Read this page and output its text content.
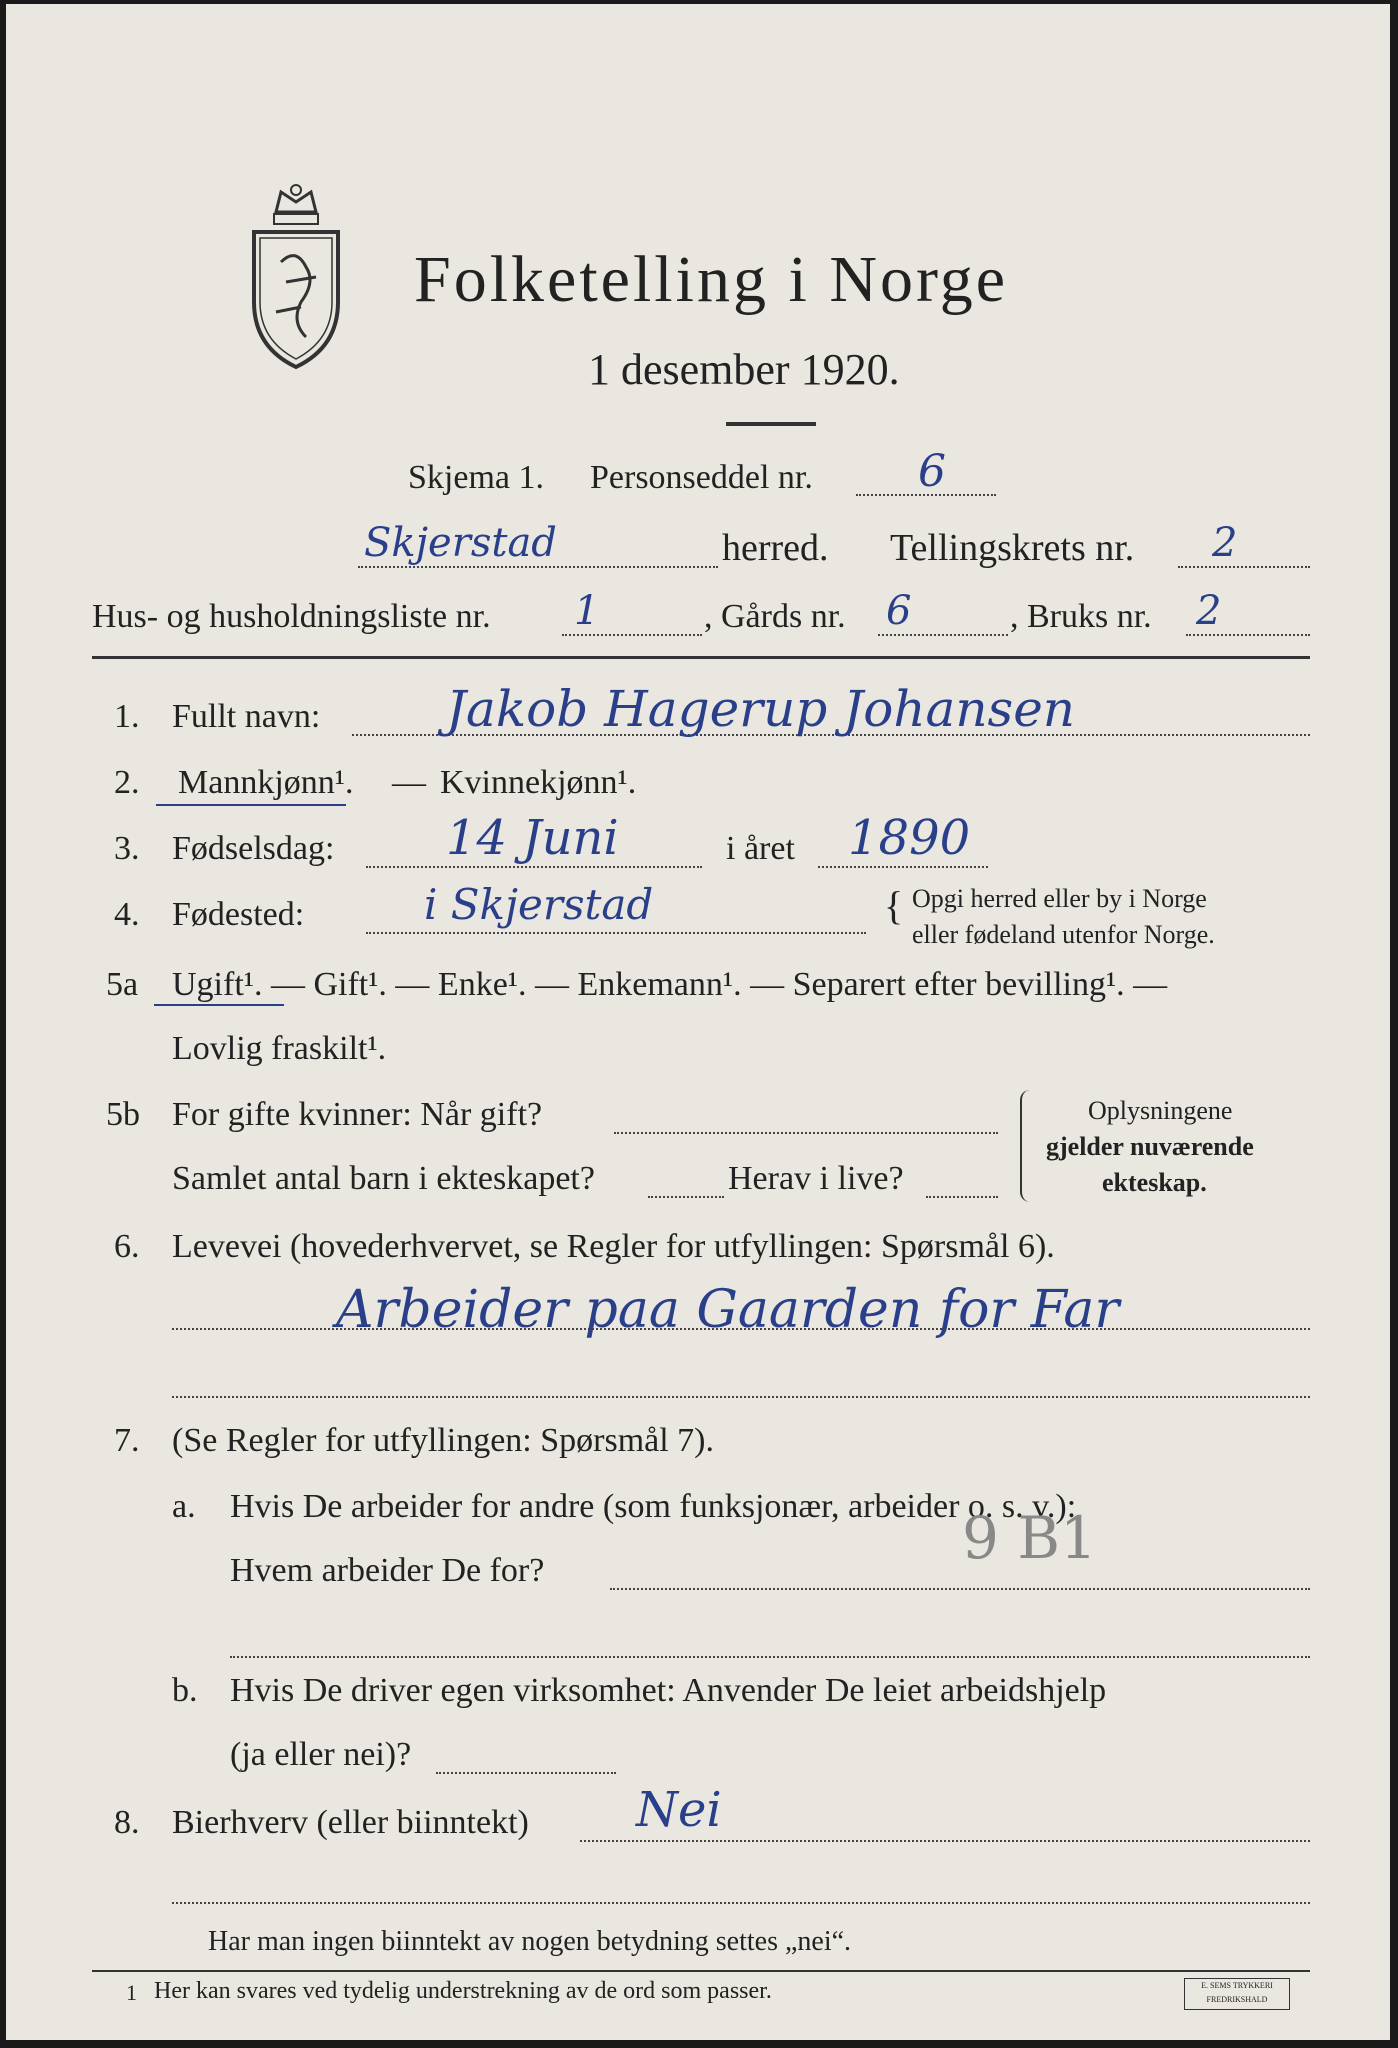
Folketelling i Norge
1 desember 1920.
Skjema 1. Personseddel nr. 6
Skjerstad	herred. Tellingskrets nr. 2
Hus- og husholdningsliste nr. 1	, Gårds nr. 6	, Bruks nr. 2
1. Fullt navn:	Jakob Hagerup Johansen
2. Mannkjønn¹. — Kvinnekjønn¹.
3. Fødselsdag: 14 Juni	i året 1890
4. Fødested:	i Skjerstad	{ Opgi herred eller by i Norge
eller fødeland utenfor Norge.
5a Ugift¹. — Gift¹. — Enke¹. — Enkemann¹. — Separert efter bevilling¹. —
Lovlig fraskilt¹.
5b For gifte kvinner: Når gift?
Samlet antal barn i ekteskapet?	Herav i live?
Oplysningene
gjelder nuværende
ekteskap.
6. Levevei (hovederhvervet, se Regler for utfyllingen: Spørsmål 6).
Arbeider paa Gaarden for Far
7. (Se Regler for utfyllingen: Spørsmål 7).
a. Hvis De arbeider for andre (som funksjonær, arbeider o. s. v.):
Hvem arbeider De for?	9 B1
b. Hvis De driver egen virksomhet: Anvender De leiet arbeidshjelp
(ja eller nei)?
8. Bierhverv (eller biinntekt) Nei
Har man ingen biinntekt av nogen betydning settes „nei“.
1 Her kan svares ved tydelig understrekning av de ord som passer.	E. SEMS TRYKKERI
FREDRIKSHALD
